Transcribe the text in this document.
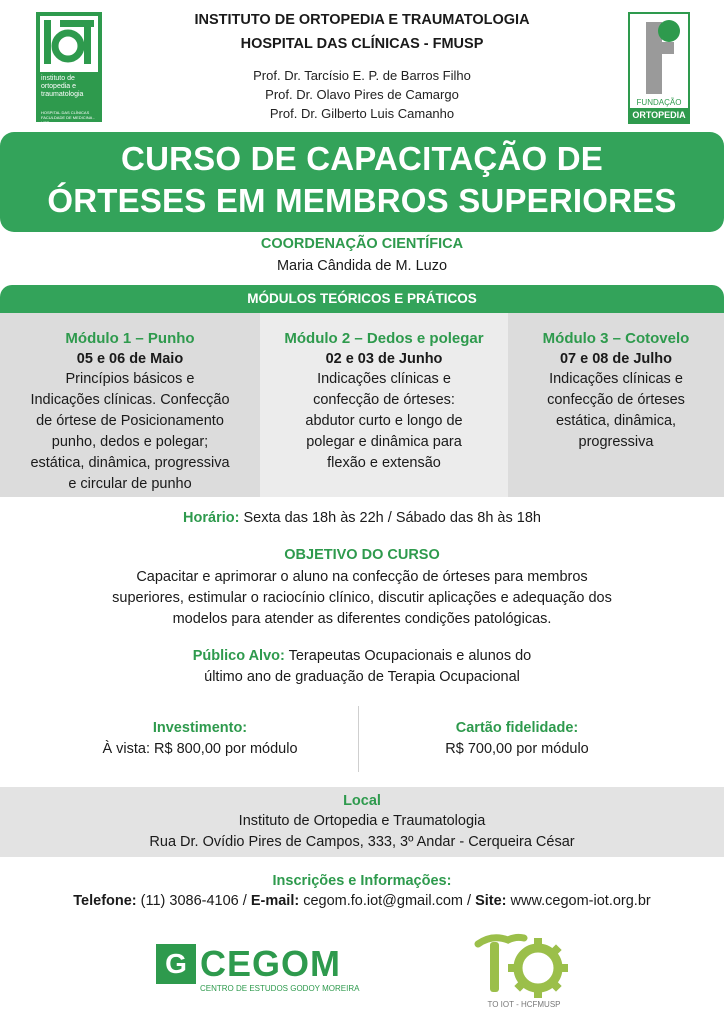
instituto de
ortopedia e
traumatologia
HOSPITAL DAS CLÍNICAS
FACULDADE DE MEDICINA - USP
INSTITUTO DE ORTOPEDIA E TRAUMATOLOGIA
HOSPITAL DAS CLÍNICAS - FMUSP
Prof. Dr. Tarcísio E. P. de Barros Filho
Prof. Dr. Olavo Pires de Camargo
Prof. Dr. Gilberto Luis Camanho
FUNDAÇÃO
ORTOPEDIA
CURSO DE CAPACITAÇÃO DE
ÓRTESES EM MEMBROS SUPERIORES
COORDENAÇÃO CIENTÍFICA
Maria Cândida de M. Luzo
MÓDULOS TEÓRICOS E PRÁTICOS
Módulo 1 – Punho
05 e 06 de Maio
Princípios básicos e
Indicações clínicas. Confecção
de órtese de Posicionamento
punho, dedos e polegar;
estática, dinâmica, progressiva
e circular de punho
Módulo 2 – Dedos e polegar
02 e 03 de Junho
Indicações clínicas e
confecção de órteses:
abdutor curto e longo de
polegar e dinâmica para
flexão e extensão
Módulo 3 – Cotovelo
07 e 08 de Julho
Indicações clínicas e
confecção de órteses
estática, dinâmica,
progressiva
Horário: Sexta das 18h às 22h / Sábado das 8h às 18h
OBJETIVO DO CURSO
Capacitar e aprimorar o aluno na confecção de órteses para membros
superiores, estimular o raciocínio clínico, discutir aplicações e adequação dos
modelos para atender as diferentes condições patológicas.
Público Alvo: Terapeutas Ocupacionais e alunos do
último ano de graduação de Terapia Ocupacional
Investimento:
À vista: R$ 800,00 por módulo
Cartão fidelidade:
R$ 700,00 por módulo
Local
Instituto de Ortopedia e Traumatologia
Rua Dr. Ovídio Pires de Campos, 333, 3º Andar - Cerqueira César
Inscrições e Informações:
Telefone: (11) 3086-4106 / E-mail: cegom.fo.iot@gmail.com / Site: www.cegom-iot.org.br
G CEGOM
CENTRO DE ESTUDOS GODOY MOREIRA
TO IOT - HCFMUSP
